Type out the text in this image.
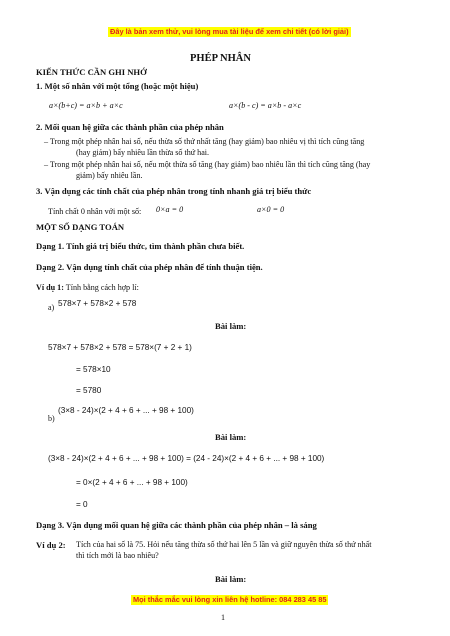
Đây là bản xem thử, vui lòng mua tài liệu để xem chi tiết (có lời giải)
PHÉP NHÂN
KIẾN THỨC CẦN GHI NHỚ
1. Một số nhân với một tổng (hoặc một hiệu)
a×(b+c) = a×b + a×c	a×(b - c) = a×b - a×c
2. Mối quan hệ giữa các thành phần của phép nhân
– Trong một phép nhân hai số, nếu thừa số thứ nhất tăng (hay giảm) bao nhiêu vị thì tích cũng tăng
(hay giảm) bấy nhiêu lần thừa số thứ hai.
– Trong một phép nhân hai số, nếu một thừa số tăng (hay giảm) bao nhiêu lần thì tích cũng tăng (hay
giảm) bấy nhiêu lần.
3. Vận dụng các tính chất của phép nhân trong tính nhanh giá trị biểu thức
Tính chất 0 nhân với một số: 0×a = 0	a×0 = 0
MỘT SỐ DẠNG TOÁN
Dạng 1. Tính giá trị biểu thức, tìm thành phần chưa biết.
Dạng 2. Vận dụng tính chất của phép nhân để tính thuận tiện.
Ví dụ 1: Tính bằng cách hợp lí:
a) 578×7 + 578×2 + 578
Bài làm:
578×7 + 578×2 + 578 = 578×(7 + 2 + 1)
= 578×10
= 5780
b)
(3×8 - 24)×(2 + 4 + 6 + ... + 98 + 100)
Bài làm:
(3×8 - 24)×(2 + 4 + 6 + ... + 98 + 100) = (24 - 24)×(2 + 4 + 6 + ... + 98 + 100)
= 0×(2 + 4 + 6 + ... + 98 + 100)
= 0
Dạng 3. Vận dụng mối quan hệ giữa các thành phần của phép nhân – là sáng
Ví dụ 2: Tích của hai số là 75. Hỏi nếu tăng thừa số thứ hai lên 5 lần và giữ nguyên thừa số thứ nhất
thì tích mới là bao nhiêu?
Bài làm:
Mọi thắc mắc vui lòng xin liên hệ hotline: 084 283 45 85
1
